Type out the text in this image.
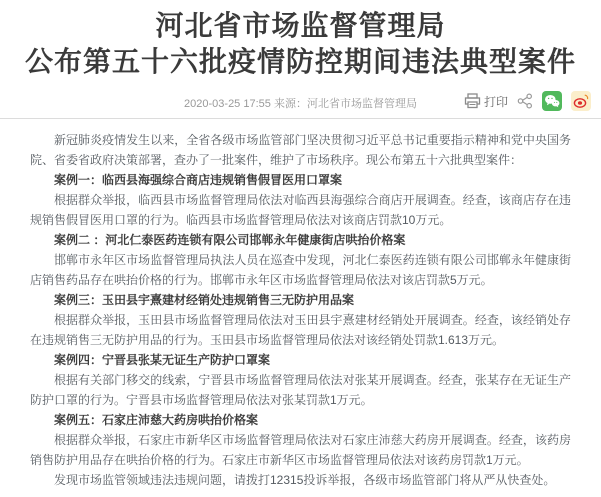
河北省市场监督管理局
公布第五十六批疫情防控期间违法典型案件
2020-03-25 17:55 来源：河北省市场监督管理局	打印

新冠肺炎疫情发生以来，全省各级市场监管部门坚决贯彻习近平总书记重要指示精神和党中央国务院、省委省政府决策部署，查办了一批案件，维护了市场秩序。现公布第五十六批典型案件：

案例一：临西县海强综合商店违规销售假冒医用口罩案

根据群众举报，临西县市场监督管理局依法对临西县海强综合商店开展调查。经查，该商店存在违规销售假冒医用口罩的行为。临西县市场监督管理局依法对该商店罚款10万元。

案例二 ：河北仁泰医药连锁有限公司邯郸永年健康街店哄抬价格案

邯郸市永年区市场监督管理局执法人员在巡查中发现，河北仁泰医药连锁有限公司邯郸永年健康街店销售药品存在哄抬价格的行为。邯郸市永年区市场监督管理局依法对该店罚款5万元。

案例三：玉田县宇熹建材经销处违规销售三无防护用品案

根据群众举报，玉田县市场监督管理局依法对玉田县宇熹建材经销处开展调查。经查，该经销处存在违规销售三无防护用品的行为。玉田县市场监督管理局依法对该经销处罚款1.613万元。

案例四：宁晋县张某无证生产防护口罩案

根据有关部门移交的线索，宁晋县市场监督管理局依法对张某开展调查。经查，张某存在无证生产防护口罩的行为。宁晋县市场监督管理局依法对张某罚款1万元。

案例五：石家庄沛慈大药房哄抬价格案

根据群众举报，石家庄市新华区市场监督管理局依法对石家庄沛慈大药房开展调查。经查，该药房销售防护用品存在哄抬价格的行为。石家庄市新华区市场监督管理局依法对该药房罚款1万元。

发现市场监管领域违法违规问题，请拨打12315投诉举报，各级市场监管部门将从严从快查处。
